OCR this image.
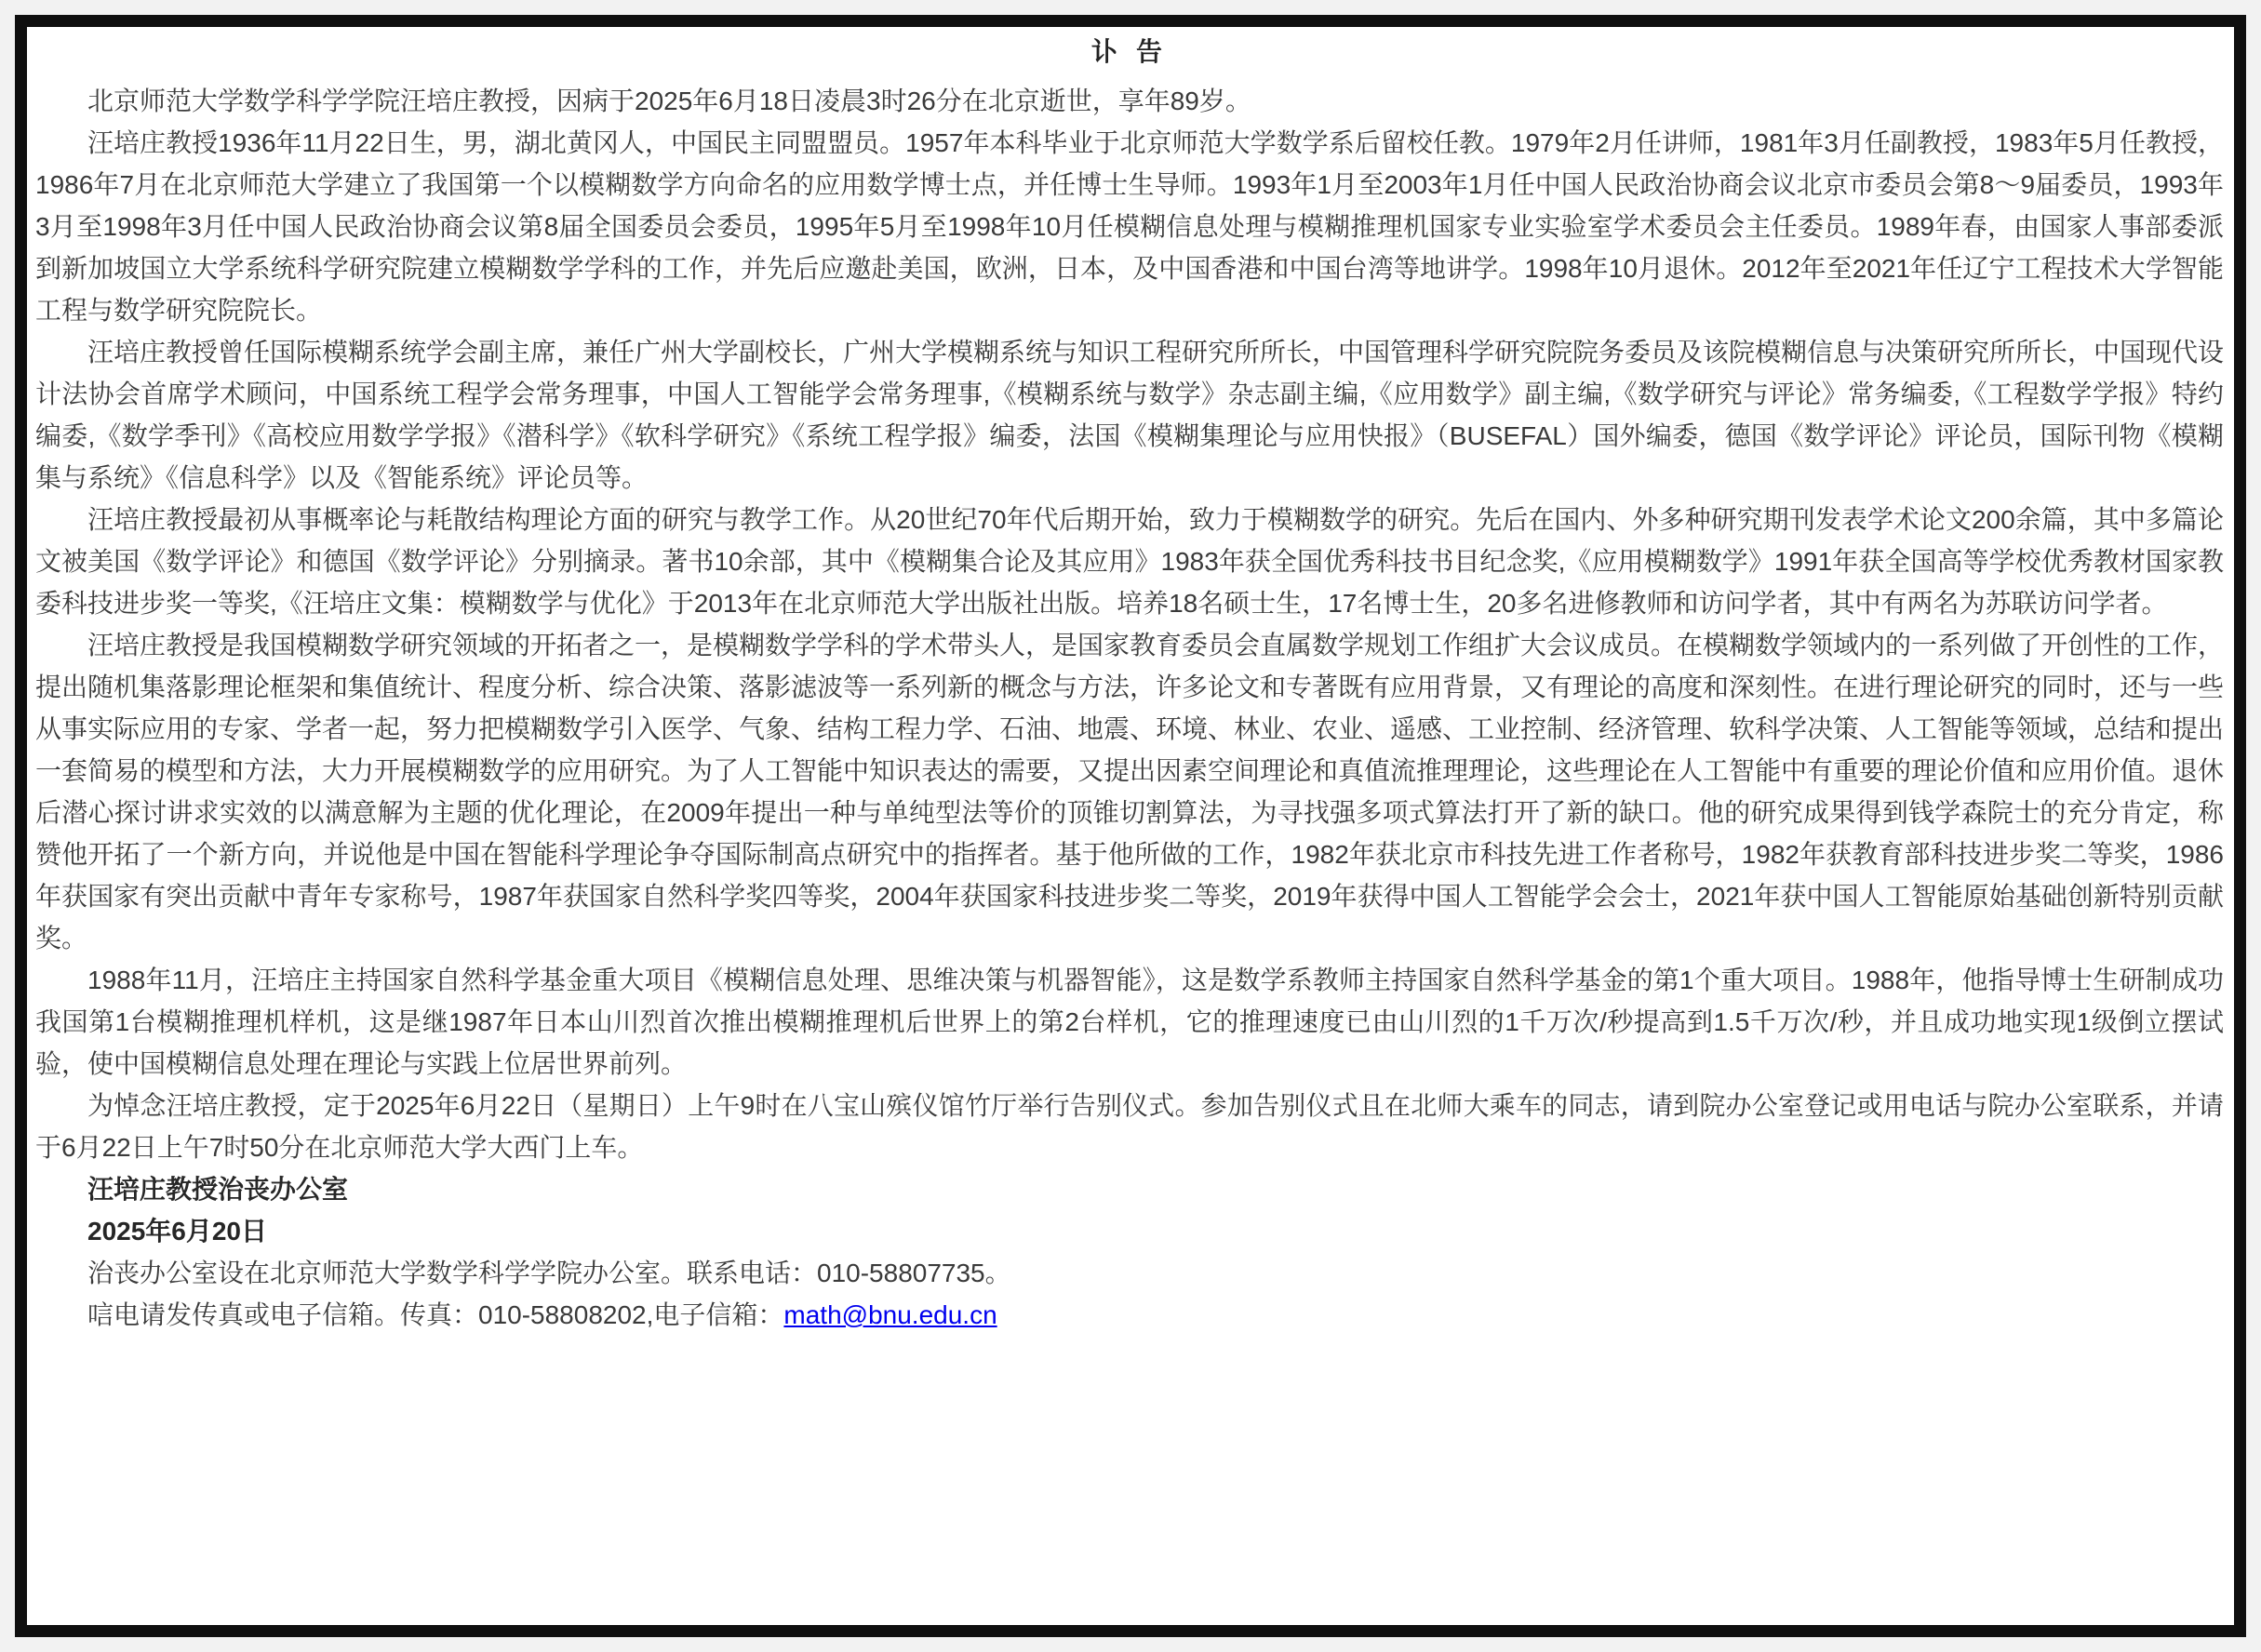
讣 告

北京师范大学数学科学学院汪培庄教授，因病于2025年6月18日凌晨3时26分在北京逝世，享年89岁。

汪培庄教授1936年11月22日生，男，湖北黄冈人，中国民主同盟盟员。1957年本科毕业于北京师范大学数学系后留校任教。1979年2月任讲师，1981年3月任副教授，1983年5月任教授，1986年7月在北京师范大学建立了我国第一个以模糊数学方向命名的应用数学博士点，并任博士生导师。1993年1月至2003年1月任中国人民政治协商会议北京市委员会第8～9届委员，1993年3月至1998年3月任中国人民政治协商会议第8届全国委员会委员，1995年5月至1998年10月任模糊信息处理与模糊推理机国家专业实验室学术委员会主任委员。1989年春，由国家人事部委派到新加坡国立大学系统科学研究院建立模糊数学学科的工作，并先后应邀赴美国，欧洲，日本，及中国香港和中国台湾等地讲学。1998年10月退休。2012年至2021年任辽宁工程技术大学智能工程与数学研究院院长。

汪培庄教授曾任国际模糊系统学会副主席，兼任广州大学副校长，广州大学模糊系统与知识工程研究所所长，中国管理科学研究院院务委员及该院模糊信息与决策研究所所长，中国现代设计法协会首席学术顾问，中国系统工程学会常务理事，中国人工智能学会常务理事,《模糊系统与数学》杂志副主编,《应用数学》副主编,《数学研究与评论》常务编委,《工程数学学报》特约编委,《数学季刊》《高校应用数学学报》《潜科学》《软科学研究》《系统工程学报》编委，法国《模糊集理论与应用快报》（BUSEFAL）国外编委，德国《数学评论》评论员，国际刊物《模糊集与系统》《信息科学》以及《智能系统》评论员等。

汪培庄教授最初从事概率论与耗散结构理论方面的研究与教学工作。从20世纪70年代后期开始，致力于模糊数学的研究。先后在国内、外多种研究期刊发表学术论文200余篇，其中多篇论文被美国《数学评论》和德国《数学评论》分别摘录。著书10余部，其中《模糊集合论及其应用》1983年获全国优秀科技书目纪念奖,《应用模糊数学》1991年获全国高等学校优秀教材国家教委科技进步奖一等奖,《汪培庄文集：模糊数学与优化》于2013年在北京师范大学出版社出版。培养18名硕士生，17名博士生，20多名进修教师和访问学者，其中有两名为苏联访问学者。

汪培庄教授是我国模糊数学研究领域的开拓者之一，是模糊数学学科的学术带头人，是国家教育委员会直属数学规划工作组扩大会议成员。在模糊数学领域内的一系列做了开创性的工作，提出随机集落影理论框架和集值统计、程度分析、综合决策、落影滤波等一系列新的概念与方法，许多论文和专著既有应用背景，又有理论的高度和深刻性。在进行理论研究的同时，还与一些从事实际应用的专家、学者一起，努力把模糊数学引入医学、气象、结构工程力学、石油、地震、环境、林业、农业、遥感、工业控制、经济管理、软科学决策、人工智能等领域，总结和提出一套简易的模型和方法，大力开展模糊数学的应用研究。为了人工智能中知识表达的需要，又提出因素空间理论和真值流推理理论，这些理论在人工智能中有重要的理论价值和应用价值。退休后潜心探讨讲求实效的以满意解为主题的优化理论，在2009年提出一种与单纯型法等价的顶锥切割算法，为寻找强多项式算法打开了新的缺口。他的研究成果得到钱学森院士的充分肯定，称赞他开拓了一个新方向，并说他是中国在智能科学理论争夺国际制高点研究中的指挥者。基于他所做的工作，1982年获北京市科技先进工作者称号，1982年获教育部科技进步奖二等奖，1986年获国家有突出贡献中青年专家称号，1987年获国家自然科学奖四等奖，2004年获国家科技进步奖二等奖，2019年获得中国人工智能学会会士，2021年获中国人工智能原始基础创新特别贡献奖。

1988年11月，汪培庄主持国家自然科学基金重大项目《模糊信息处理、思维决策与机器智能》，这是数学系教师主持国家自然科学基金的第1个重大项目。1988年，他指导博士生研制成功我国第1台模糊推理机样机，这是继1987年日本山川烈首次推出模糊推理机后世界上的第2台样机，它的推理速度已由山川烈的1千万次/秒提高到1.5千万次/秒，并且成功地实现1级倒立摆试验，使中国模糊信息处理在理论与实践上位居世界前列。

为悼念汪培庄教授，定于2025年6月22日（星期日）上午9时在八宝山殡仪馆竹厅举行告别仪式。参加告别仪式且在北师大乘车的同志，请到院办公室登记或用电话与院办公室联系，并请于6月22日上午7时50分在北京师范大学大西门上车。

汪培庄教授治丧办公室

2025年6月20日

治丧办公室设在北京师范大学数学科学学院办公室。联系电话：010-58807735。

唁电请发传真或电子信箱。传真：010-58808202,电子信箱：math@bnu.edu.cn
